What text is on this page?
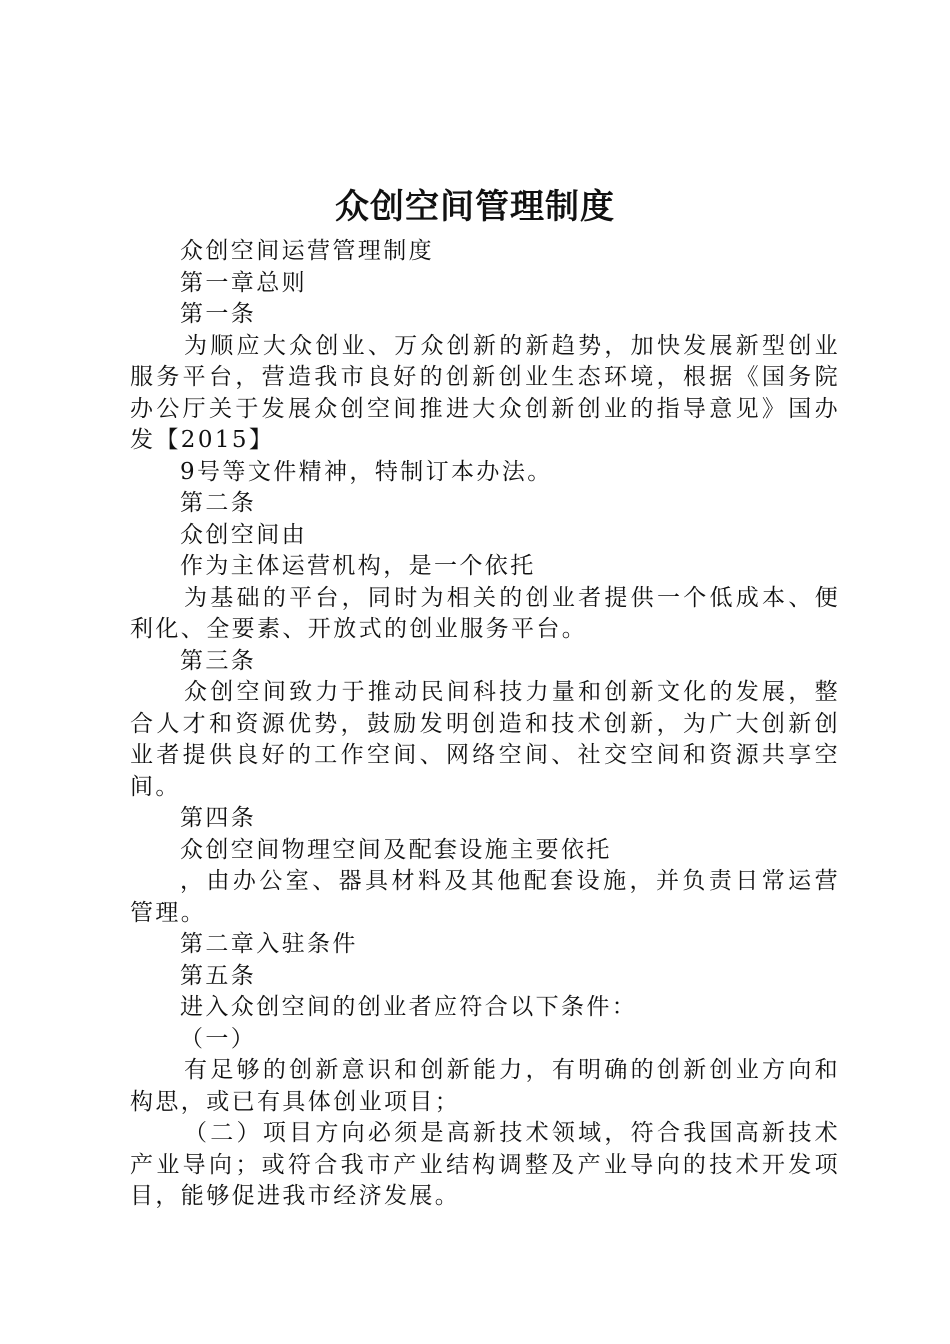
众创空间管理制度

众创空间运营管理制度

第一章总则

第一条

为顺应大众创业、万众创新的新趋势，加快发展新型创业服务平台，营造我市良好的创新创业生态环境，根据《国务院办公厅关于发展众创空间推进大众创新创业的指导意见》国办发【2015】

9号等文件精神，特制订本办法。

第二条

众创空间由

作为主体运营机构，是一个依托

为基础的平台，同时为相关的创业者提供一个低成本、便利化、全要素、开放式的创业服务平台。

第三条

众创空间致力于推动民间科技力量和创新文化的发展，整合人才和资源优势，鼓励发明创造和技术创新，为广大创新创业者提供良好的工作空间、网络空间、社交空间和资源共享空间。

第四条

众创空间物理空间及配套设施主要依托

，由办公室、器具材料及其他配套设施，并负责日常运营管理。

第二章入驻条件

第五条

进入众创空间的创业者应符合以下条件：

（一）

有足够的创新意识和创新能力，有明确的创新创业方向和构思，或已有具体创业项目；

（二）项目方向必须是高新技术领域，符合我国高新技术产业导向；或符合我市产业结构调整及产业导向的技术开发项目，能够促进我市经济发展。
